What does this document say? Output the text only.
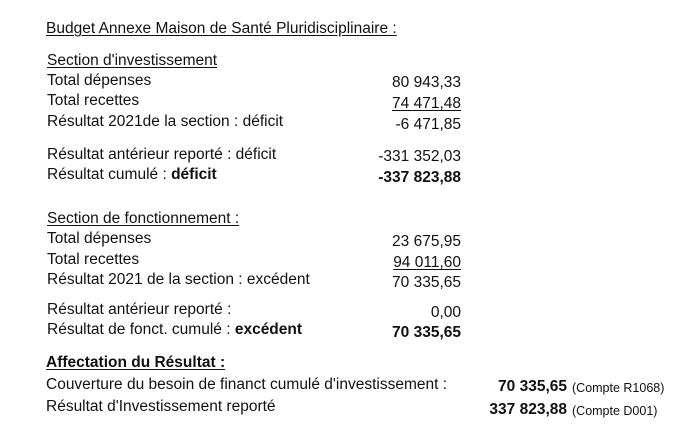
Budget Annexe Maison de Santé Pluridisciplinaire :
Section d'investissement
Total dépenses	80 943,33
Total recettes	74 471,48
Résultat 2021de la section : déficit	-6 471,85
Résultat antérieur reporté : déficit	-331 352,03
Résultat cumulé : déficit	-337 823,88
Section de fonctionnement :
Total dépenses	23 675,95
Total recettes	94 011,60
Résultat 2021 de la section : excédent	70 335,65
Résultat antérieur reporté :	0,00
Résultat de fonct. cumulé : excédent	70 335,65
Affectation du Résultat :
Couverture du besoin de financt cumulé d'investissement :	70 335,65 (Compte R1068)
Résultat d'Investissement reporté	337 823,88 (Compte D001)
